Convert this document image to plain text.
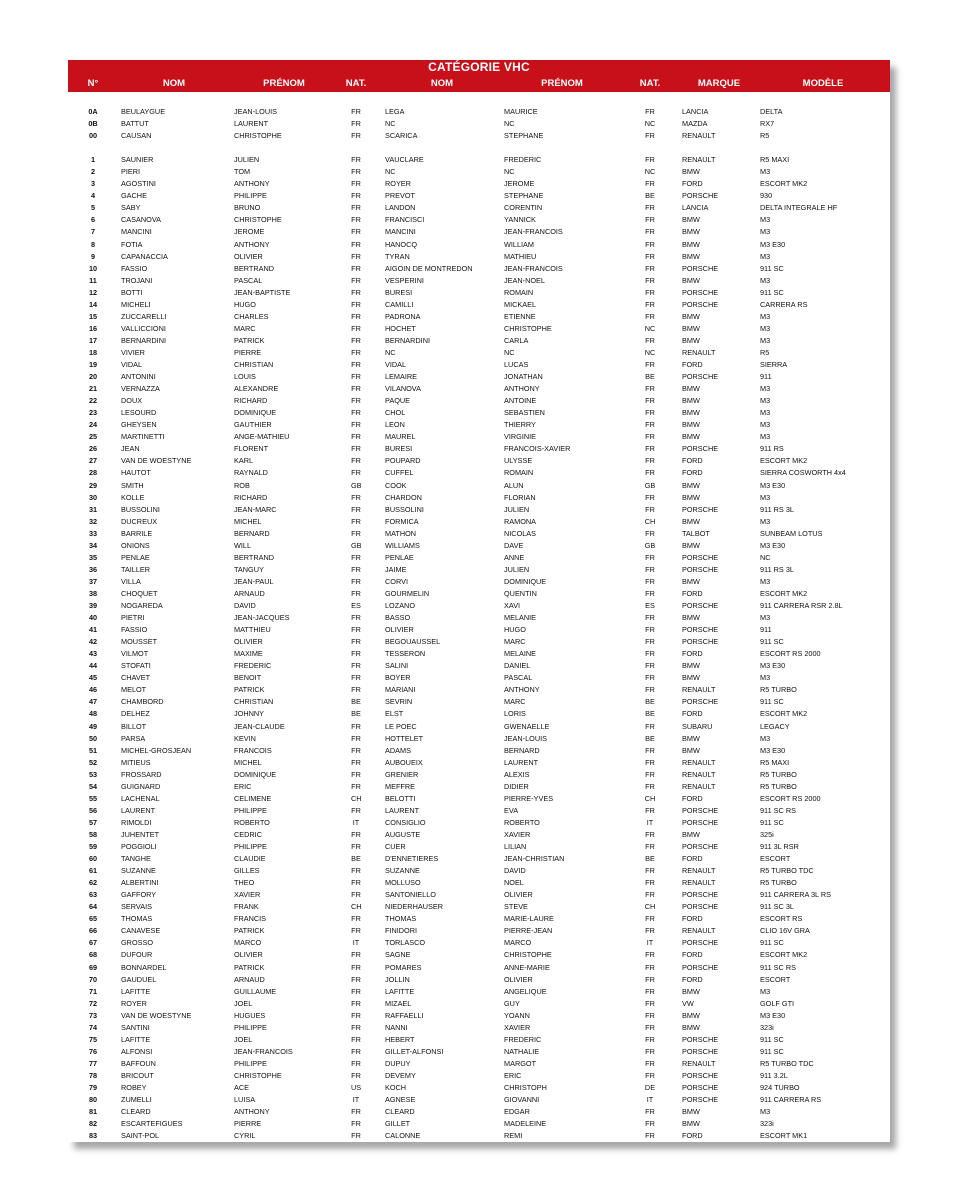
CATÉGORIE VHC
N°	NOM	PRÉNOM	NAT.	NOM	PRÉNOM	NAT.	MARQUE	MODÈLE
0A	BEULAYGUE	JEAN-LOUIS	FR	LEGA	MAURICE	FR	LANCIA	DELTA
0B	BATTUT	LAURENT	FR	NC	NC	NC	MAZDA	RX7
00	CAUSAN	CHRISTOPHE	FR	SCARICA	STEPHANE	FR	RENAULT	R5
1	SAUNIER	JULIEN	FR	VAUCLARE	FREDERIC	FR	RENAULT	R5 MAXI
2	PIERI	TOM	FR	NC	NC	NC	BMW	M3
3	AGOSTINI	ANTHONY	FR	ROYER	JEROME	FR	FORD	ESCORT MK2
4	GACHE	PHILIPPE	FR	PREVOT	STEPHANE	BE	PORSCHE	930
5	SABY	BRUNO	FR	LANDON	CORENTIN	FR	LANCIA	DELTA INTEGRALE HF
6	CASANOVA	CHRISTOPHE	FR	FRANCISCI	YANNICK	FR	BMW	M3
7	MANCINI	JEROME	FR	MANCINI	JEAN-FRANCOIS	FR	BMW	M3
8	FOTIA	ANTHONY	FR	HANOCQ	WILLIAM	FR	BMW	M3 E30
9	CAPANACCIA	OLIVIER	FR	TYRAN	MATHIEU	FR	BMW	M3
10	FASSIO	BERTRAND	FR	AIGOIN DE MONTREDON	JEAN-FRANCOIS	FR	PORSCHE	911 SC
11	TROJANI	PASCAL	FR	VESPERINI	JEAN-NOEL	FR	BMW	M3
12	BOTTI	JEAN-BAPTISTE	FR	BURESI	ROMAIN	FR	PORSCHE	911 SC
14	MICHELI	HUGO	FR	CAMILLI	MICKAEL	FR	PORSCHE	CARRERA RS
15	ZUCCARELLI	CHARLES	FR	PADRONA	ETIENNE	FR	BMW	M3
16	VALLICCIONI	MARC	FR	HOCHET	CHRISTOPHE	NC	BMW	M3
17	BERNARDINI	PATRICK	FR	BERNARDINI	CARLA	FR	BMW	M3
18	VIVIER	PIERRE	FR	NC	NC	NC	RENAULT	R5
19	VIDAL	CHRISTIAN	FR	VIDAL	LUCAS	FR	FORD	SIERRA
20	ANTONINI	LOUIS	FR	LEMAIRE	JONATHAN	BE	PORSCHE	911
21	VERNAZZA	ALEXANDRE	FR	VILANOVA	ANTHONY	FR	BMW	M3
22	DOUX	RICHARD	FR	PAQUE	ANTOINE	FR	BMW	M3
23	LESOURD	DOMINIQUE	FR	CHOL	SEBASTIEN	FR	BMW	M3
24	GHEYSEN	GAUTHIER	FR	LEON	THIERRY	FR	BMW	M3
25	MARTINETTI	ANGE-MATHIEU	FR	MAUREL	VIRGINIE	FR	BMW	M3
26	JEAN	FLORENT	FR	BURESI	FRANCOIS-XAVIER	FR	PORSCHE	911 RS
27	VAN DE WOESTYNE	KARL	FR	POUPARD	ULYSSE	FR	FORD	ESCORT MK2
28	HAUTOT	RAYNALD	FR	CUFFEL	ROMAIN	FR	FORD	SIERRA COSWORTH 4x4
29	SMITH	ROB	GB	COOK	ALUN	GB	BMW	M3 E30
30	KOLLE	RICHARD	FR	CHARDON	FLORIAN	FR	BMW	M3
31	BUSSOLINI	JEAN-MARC	FR	BUSSOLINI	JULIEN	FR	PORSCHE	911 RS 3L
32	DUCREUX	MICHEL	FR	FORMICA	RAMONA	CH	BMW	M3
33	BARRILE	BERNARD	FR	MATHON	NICOLAS	FR	TALBOT	SUNBEAM LOTUS
34	ONIONS	WILL	GB	WILLIAMS	DAVE	GB	BMW	M3 E30
35	PENLAE	BERTRAND	FR	PENLAE	ANNE	FR	PORSCHE	NC
36	TAILLER	TANGUY	FR	JAIME	JULIEN	FR	PORSCHE	911 RS 3L
37	VILLA	JEAN-PAUL	FR	CORVI	DOMINIQUE	FR	BMW	M3
38	CHOQUET	ARNAUD	FR	GOURMELIN	QUENTIN	FR	FORD	ESCORT MK2
39	NOGAREDA	DAVID	ES	LOZANO	XAVI	ES	PORSCHE	911 CARRERA RSR 2.8L
40	PIETRI	JEAN-JACQUES	FR	BASSO	MELANIE	FR	BMW	M3
41	FASSIO	MATTHIEU	FR	OLIVIER	HUGO	FR	PORSCHE	911
42	MOUSSET	OLIVIER	FR	BEGOUAUSSEL	MARC	FR	PORSCHE	911 SC
43	VILMOT	MAXIME	FR	TESSERON	MELAINE	FR	FORD	ESCORT RS 2000
44	STOFATI	FREDERIC	FR	SALINI	DANIEL	FR	BMW	M3 E30
45	CHAVET	BENOIT	FR	BOYER	PASCAL	FR	BMW	M3
46	MELOT	PATRICK	FR	MARIANI	ANTHONY	FR	RENAULT	R5 TURBO
47	CHAMBORD	CHRISTIAN	BE	SEVRIN	MARC	BE	PORSCHE	911 SC
48	DELHEZ	JOHNNY	BE	ELST	LORIS	BE	FORD	ESCORT MK2
49	BILLOT	JEAN-CLAUDE	FR	LE POEC	GWENAELLE	FR	SUBARU	LEGACY
50	PARSA	KEVIN	FR	HOTTELET	JEAN-LOUIS	BE	BMW	M3
51	MICHEL-GROSJEAN	FRANCOIS	FR	ADAMS	BERNARD	FR	BMW	M3 E30
52	MITIEUS	MICHEL	FR	AUBOUEIX	LAURENT	FR	RENAULT	R5 MAXI
53	FROSSARD	DOMINIQUE	FR	GRENIER	ALEXIS	FR	RENAULT	R5 TURBO
54	GUIGNARD	ERIC	FR	MEFFRE	DIDIER	FR	RENAULT	R5 TURBO
55	LACHENAL	CELIMENE	CH	BELOTTI	PIERRE-YVES	CH	FORD	ESCORT RS 2000
56	LAURENT	PHILIPPE	FR	LAURENT	EVA	FR	PORSCHE	911 SC RS
57	RIMOLDI	ROBERTO	IT	CONSIGLIO	ROBERTO	IT	PORSCHE	911 SC
58	JUHENTET	CEDRIC	FR	AUGUSTE	XAVIER	FR	BMW	325i
59	POGGIOLI	PHILIPPE	FR	CUER	LILIAN	FR	PORSCHE	911 3L RSR
60	TANGHE	CLAUDIE	BE	D'ENNETIERES	JEAN-CHRISTIAN	BE	FORD	ESCORT
61	SUZANNE	GILLES	FR	SUZANNE	DAVID	FR	RENAULT	R5 TURBO TDC
62	ALBERTINI	THEO	FR	MOLLUSO	NOEL	FR	RENAULT	R5 TURBO
63	GAFFORY	XAVIER	FR	SANTONIELLO	OLIVIER	FR	PORSCHE	911 CARRERA 3L RS
64	SERVAIS	FRANK	CH	NIEDERHAUSER	STEVE	CH	PORSCHE	911 SC 3L
65	THOMAS	FRANCIS	FR	THOMAS	MARIE-LAURE	FR	FORD	ESCORT RS
66	CANAVESE	PATRICK	FR	FINIDORI	PIERRE-JEAN	FR	RENAULT	CLIO 16V GRA
67	GROSSO	MARCO	IT	TORLASCO	MARCO	IT	PORSCHE	911 SC
68	DUFOUR	OLIVIER	FR	SAGNE	CHRISTOPHE	FR	FORD	ESCORT MK2
69	BONNARDEL	PATRICK	FR	POMARES	ANNE-MARIE	FR	PORSCHE	911 SC RS
70	GAUDUEL	ARNAUD	FR	JOLLIN	OLIVIER	FR	FORD	ESCORT
71	LAFITTE	GUILLAUME	FR	LAFITTE	ANGELIQUE	FR	BMW	M3
72	ROYER	JOEL	FR	MIZAEL	GUY	FR	VW	GOLF GTI
73	VAN DE WOESTYNE	HUGUES	FR	RAFFAELLI	YOANN	FR	BMW	M3 E30
74	SANTINI	PHILIPPE	FR	NANNI	XAVIER	FR	BMW	323i
75	LAFITTE	JOEL	FR	HEBERT	FREDERIC	FR	PORSCHE	911 SC
76	ALFONSI	JEAN-FRANCOIS	FR	GILLET-ALFONSI	NATHALIE	FR	PORSCHE	911 SC
77	BAFFOUN	PHILIPPE	FR	DUPUY	MARGOT	FR	RENAULT	R5 TURBO TDC
78	BRICOUT	CHRISTOPHE	FR	DEVEMY	ERIC	FR	PORSCHE	911 3.2L
79	ROBEY	ACE	US	KOCH	CHRISTOPH	DE	PORSCHE	924 TURBO
80	ZUMELLI	LUISA	IT	AGNESE	GIOVANNI	IT	PORSCHE	911 CARRERA RS
81	CLEARD	ANTHONY	FR	CLEARD	EDGAR	FR	BMW	M3
82	ESCARTEFIGUES	PIERRE	FR	GILLET	MADELEINE	FR	BMW	323i
83	SAINT-POL	CYRIL	FR	CALONNE	REMI	FR	FORD	ESCORT MK1
